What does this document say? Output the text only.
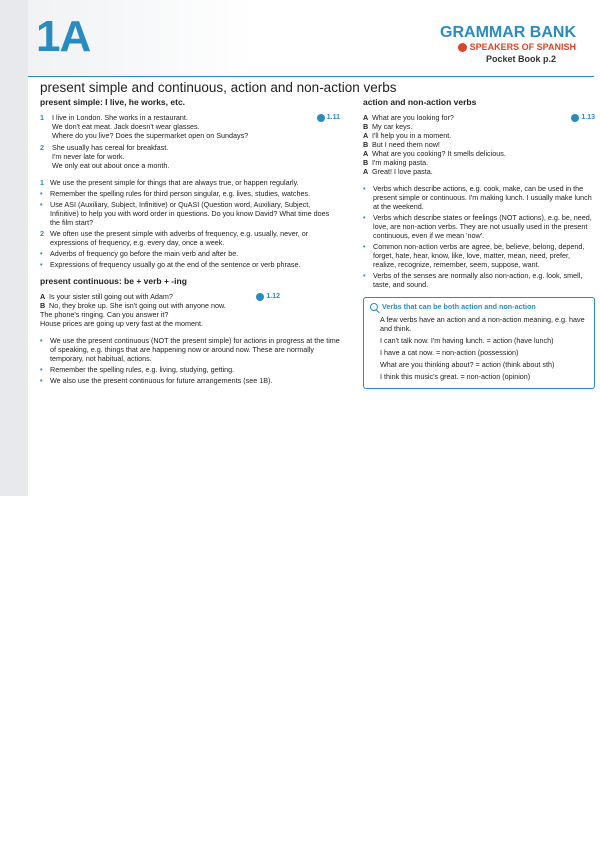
1A	GRAMMAR BANK
SPEAKERS OF SPANISH
Pocket Book p.2
present simple and continuous, action and non-action verbs
present simple: I live, he works, etc.
1.11
1 I live in London. She works in a restaurant.
We don't eat meat. Jack doesn't wear glasses.
Where do you live? Does the supermarket open on Sundays?
2 She usually has cereal for breakfast.
I'm never late for work.
We only eat out about once a month.
1 We use the present simple for things that are always true, or happen regularly.
• Remember the spelling rules for third person singular, e.g. lives, studies, watches.
• Use ASI (Auxiliary, Subject, Infinitive) or QuASI (Question word, Auxiliary, Subject, Infinitive) to help you with word order in questions. Do you know David? What time does the film start?
2 We often use the present simple with adverbs of frequency, e.g. usually, never, or expressions of frequency, e.g. every day, once a week.
• Adverbs of frequency go before the main verb and after be.
• Expressions of frequency usually go at the end of the sentence or verb phrase.
present continuous: be + verb + -ing
1.12
A Is your sister still going out with Adam?
B No, they broke up. She isn't going out with anyone now.
The phone's ringing. Can you answer it?
House prices are going up very fast at the moment.
• We use the present continuous (NOT the present simple) for actions in progress at the time of speaking, e.g. things that are happening now or around now. These are normally temporary, not habitual, actions.
• Remember the spelling rules, e.g. living, studying, getting.
• We also use the present continuous for future arrangements (see 1B).
action and non-action verbs
1.13
A What are you looking for?
B My car keys.
A I'll help you in a moment.
B But I need them now!
A What are you cooking? It smells delicious.
B I'm making pasta.
A Great! I love pasta.
• Verbs which describe actions, e.g. cook, make, can be used in the present simple or continuous. I'm making lunch. I usually make lunch at the weekend.
• Verbs which describe states or feelings (NOT actions), e.g. be, need, love, are non-action verbs. They are not usually used in the present continuous, even if we mean 'now'.
• Common non-action verbs are agree, be, believe, belong, depend, forget, hate, hear, know, like, love, matter, mean, need, prefer, realize, recognize, remember, seem, suppose, want.
• Verbs of the senses are normally also non-action, e.g. look, smell, taste, and sound.
Verbs that can be both action and non-action
A few verbs have an action and a non-action meaning, e.g. have and think.
I can't talk now. I'm having lunch. = action (have lunch)
I have a cat now. = non-action (possession)
What are you thinking about? = action (think about sth)
I think this music's great. = non-action (opinion)
